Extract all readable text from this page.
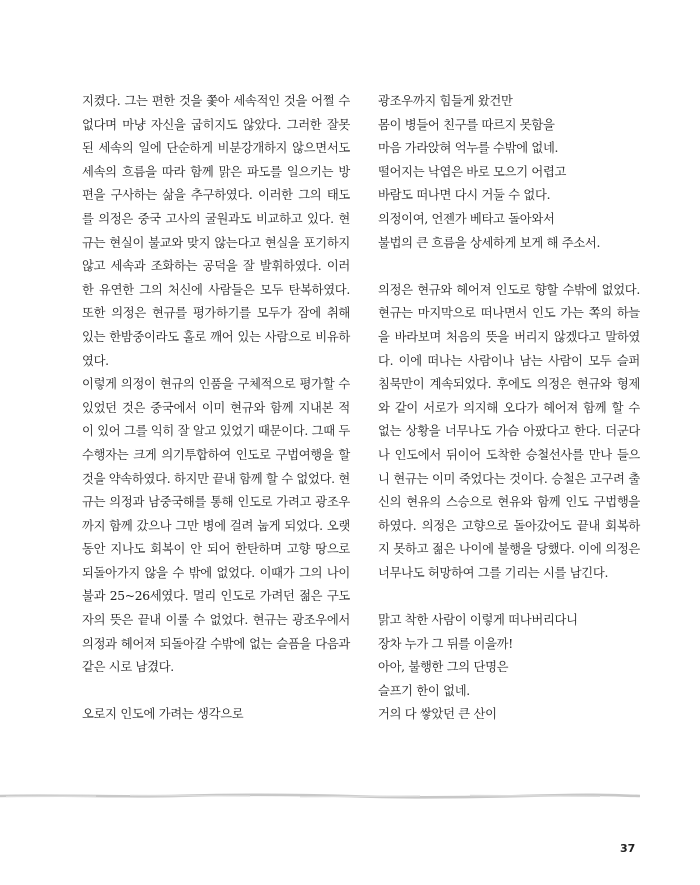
지켰다. 그는 편한 것을 쫓아 세속적인 것을 어쩔 수 없다며 마냥 자신을 굽히지도 않았다. 그러한 잘못된 세속의 일에 단순하게 비분강개하지 않으면서도 세속의 흐름을 따라 함께 맑은 파도를 일으키는 방편을 구사하는 삶을 추구하였다. 이러한 그의 태도를 의정은 중국 고사의 굴원과도 비교하고 있다. 현규는 현실이 불교와 맞지 않는다고 현실을 포기하지 않고 세속과 조화하는 공덕을 잘 발휘하였다. 이러한 유연한 그의 처신에 사람들은 모두 탄복하였다. 또한 의정은 현규를 평가하기를 모두가 잠에 취해 있는 한밤중이라도 홀로 깨어 있는 사람으로 비유하였다.

이렇게 의정이 현규의 인품을 구체적으로 평가할 수 있었던 것은 중국에서 이미 현규와 함께 지내본 적이 있어 그를 익히 잘 알고 있었기 때문이다. 그때 두 수행자는 크게 의기투합하여 인도로 구법여행을 할 것을 약속하였다. 하지만 끝내 함께 할 수 없었다. 현규는 의정과 남중국해를 통해 인도로 가려고 광조우까지 함께 갔으나 그만 병에 걸려 눕게 되었다. 오랫동안 지나도 회복이 안 되어 한탄하며 고향 땅으로 되돌아가지 않을 수 밖에 없었다. 이때가 그의 나이 불과 25~26세였다. 멀리 인도로 가려던 젊은 구도자의 뜻은 끝내 이룰 수 없었다. 현규는 광조우에서 의정과 헤어져 되돌아갈 수밖에 없는 슬픔을 다음과 같은 시로 남겼다.

오로지 인도에 가려는 생각으로

광조우까지 힘들게 왔건만

몸이 병들어 친구를 따르지 못함을

마음 가라앉혀 억누를 수밖에 없네.

떨어지는 낙엽은 바로 모으기 어렵고

바람도 떠나면 다시 거둘 수 없다.

의정이여, 언젠가 베타고 돌아와서

불법의 큰 흐름을 상세하게 보게 해 주소서.

의정은 현규와 헤어져 인도로 향할 수밖에 없었다. 현규는 마지막으로 떠나면서 인도 가는 쪽의 하늘을 바라보며 처음의 뜻을 버리지 않겠다고 말하였다. 이에 떠나는 사람이나 남는 사람이 모두 슬퍼 침묵만이 계속되었다. 후에도 의정은 현규와 형제와 같이 서로가 의지해 오다가 헤어져 함께 할 수 없는 상황을 너무나도 가슴 아팠다고 한다. 더군다나 인도에서 뒤이어 도착한 승철선사를 만나 들으니 현규는 이미 죽었다는 것이다. 승철은 고구려 출신의 현유의 스승으로 현유와 함께 인도 구법행을 하였다. 의정은 고향으로 돌아갔어도 끝내 회복하지 못하고 젊은 나이에 불행을 당했다. 이에 의정은 너무나도 허망하여 그를 기리는 시를 남긴다.

맑고 착한 사람이 이렇게 떠나버리다니

장차 누가 그 뒤를 이을까!

아아, 불행한 그의 단명은

슬프기 한이 없네.

거의 다 쌓았던 큰 산이

37
